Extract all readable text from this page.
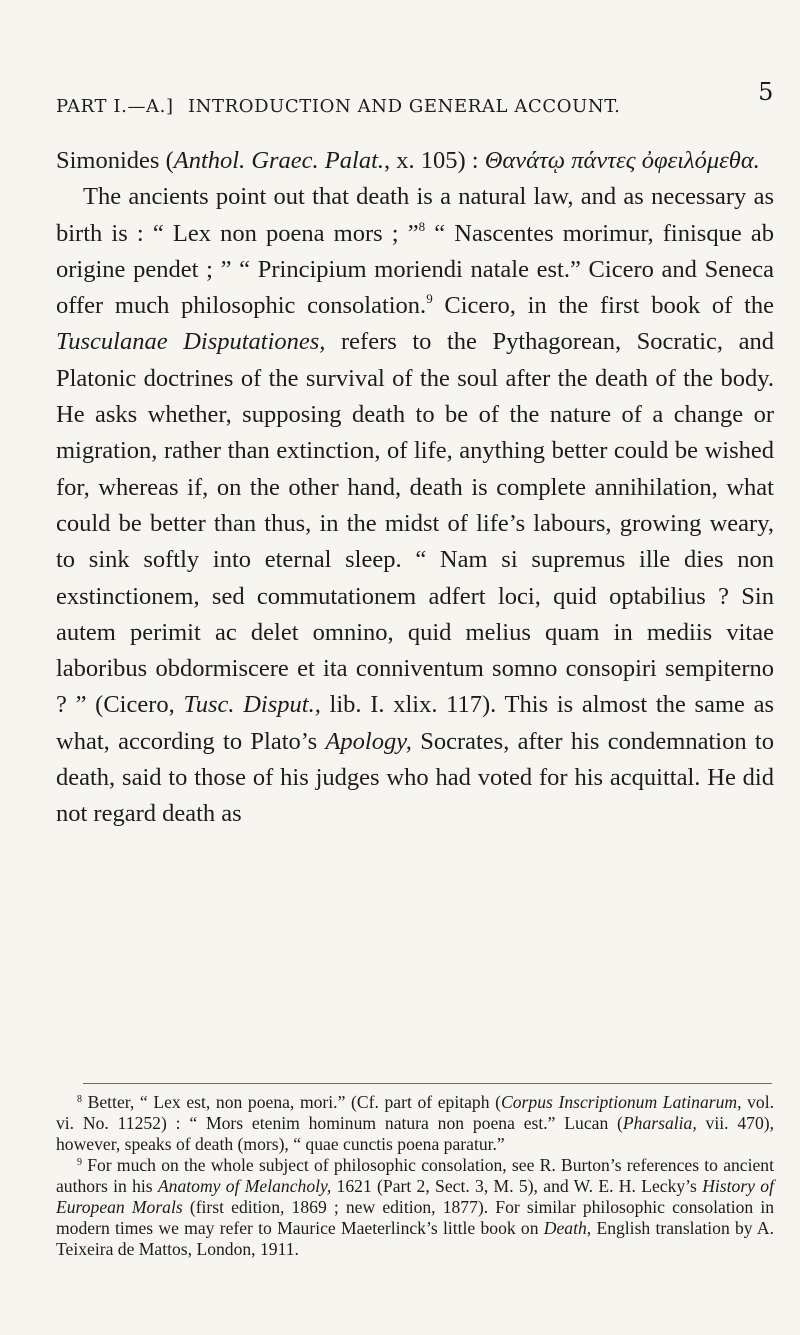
PART I.—A.] INTRODUCTION AND GENERAL ACCOUNT.
5

Simonides (Anthol. Graec. Palat., x. 105) : Θανάτῳ πάντες ὀφειλόμεθα.

The ancients point out that death is a natural law, and as necessary as birth is : “ Lex non poena mors ; ”$^8$ “ Nascentes morimur, finisque ab origine pendet ; ” “ Principium moriendi natale est.” Cicero and Seneca offer much philosophic consolation.$^9$ Cicero, in the first book of the Tusculanae Disputationes, refers to the Pythagorean, Socratic, and Platonic doctrines of the survival of the soul after the death of the body. He asks whether, supposing death to be of the nature of a change or migration, rather than extinction, of life, anything better could be wished for, whereas if, on the other hand, death is complete annihilation, what could be better than thus, in the midst of life’s labours, growing weary, to sink softly into eternal sleep. “ Nam si supremus ille dies non exstinctionem, sed commutationem adfert loci, quid optabilius ? Sin autem perimit ac delet omnino, quid melius quam in mediis vitae laboribus obdormiscere et ita conniventum somno consopiri sempiterno ? ” (Cicero, Tusc. Disput., lib. I. xlix. 117). This is almost the same as what, according to Plato’s Apology, Socrates, after his condemnation to death, said to those of his judges who had voted for his acquittal. He did not regard death as

$^8$ Better, “ Lex est, non poena, mori.” (Cf. part of epitaph (Corpus Inscriptionum Latinarum, vol. vi. No. 11252) : “ Mors etenim hominum natura non poena est.” Lucan (Pharsalia, vii. 470), however, speaks of death (mors), “ quae cunctis poena paratur.”

$^9$ For much on the whole subject of philosophic consolation, see R. Burton’s references to ancient authors in his Anatomy of Melancholy, 1621 (Part 2, Sect. 3, M. 5), and W. E. H. Lecky’s History of European Morals (first edition, 1869 ; new edition, 1877). For similar philosophic consolation in modern times we may refer to Maurice Maeterlinck’s little book on Death, English translation by A. Teixeira de Mattos, London, 1911.
